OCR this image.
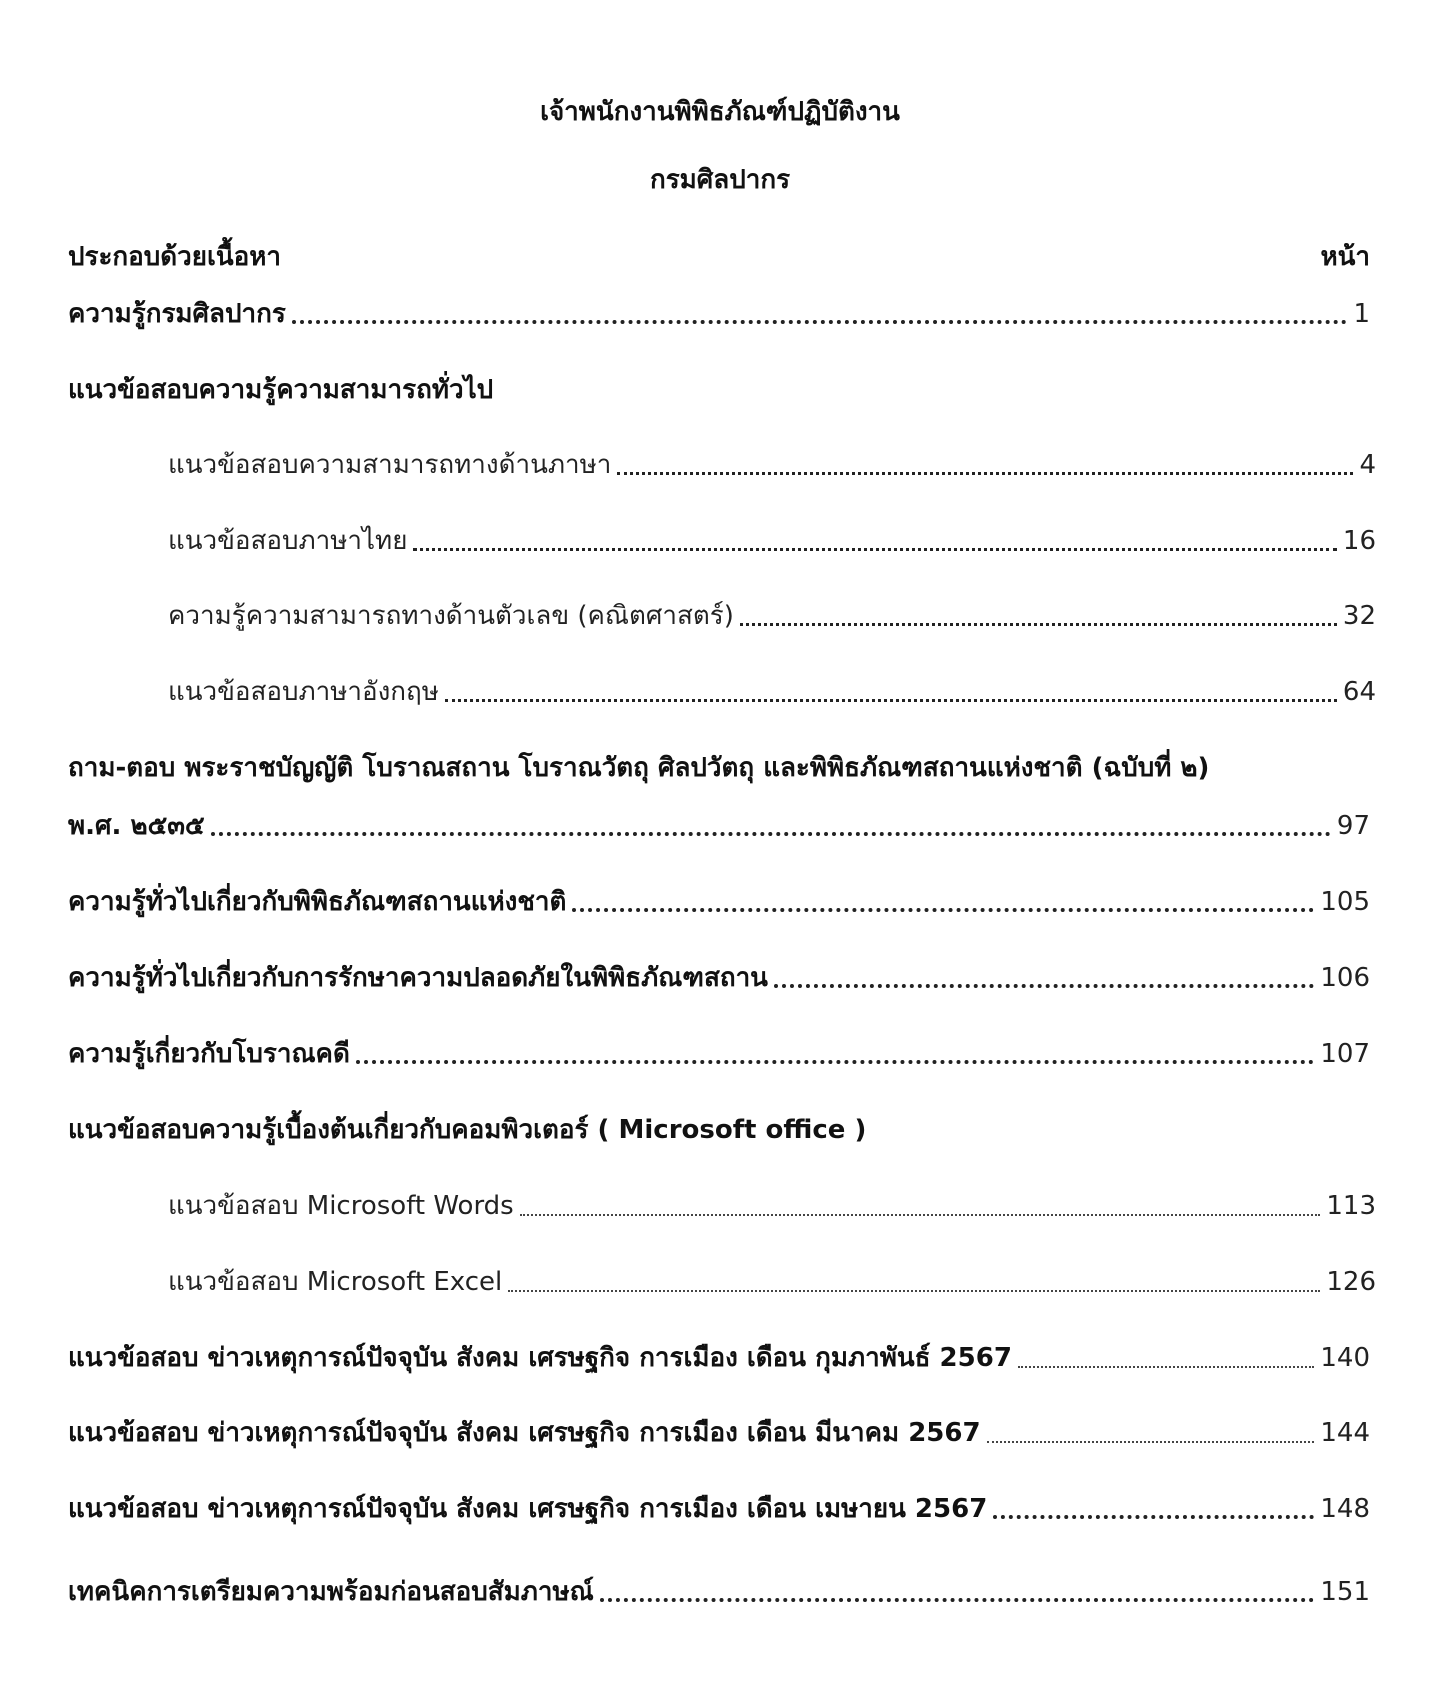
เจ้าพนักงานพิพิธภัณฑ์ปฏิบัติงาน
กรมศิลปากร
ประกอบด้วยเนื้อหา	หน้า
ความรู้กรมศิลปากร	1
แนวข้อสอบความรู้ความสามารถทั่วไป
แนวข้อสอบความสามารถทางด้านภาษา	4
แนวข้อสอบภาษาไทย	16
ความรู้ความสามารถทางด้านตัวเลข (คณิตศาสตร์)	32
แนวข้อสอบภาษาอังกฤษ	64
ถาม-ตอบ พระราชบัญญัติ โบราณสถาน โบราณวัตถุ ศิลปวัตถุ และพิพิธภัณฑสถานแห่งชาติ (ฉบับที่ ๒)
พ.ศ. ๒๕๓๕	97
ความรู้ทั่วไปเกี่ยวกับพิพิธภัณฑสถานแห่งชาติ	105
ความรู้ทั่วไปเกี่ยวกับการรักษาความปลอดภัยในพิพิธภัณฑสถาน	106
ความรู้เกี่ยวกับโบราณคดี	107
แนวข้อสอบความรู้เบื้องต้นเกี่ยวกับคอมพิวเตอร์ ( Microsoft office )
แนวข้อสอบ Microsoft Words	113
แนวข้อสอบ Microsoft Excel	126
แนวข้อสอบ ข่าวเหตุการณ์ปัจจุบัน สังคม เศรษฐกิจ การเมือง เดือน กุมภาพันธ์ 2567	140
แนวข้อสอบ ข่าวเหตุการณ์ปัจจุบัน สังคม เศรษฐกิจ การเมือง เดือน มีนาคม 2567	144
แนวข้อสอบ ข่าวเหตุการณ์ปัจจุบัน สังคม เศรษฐกิจ การเมือง เดือน เมษายน 2567	148
เทคนิคการเตรียมความพร้อมก่อนสอบสัมภาษณ์	151
